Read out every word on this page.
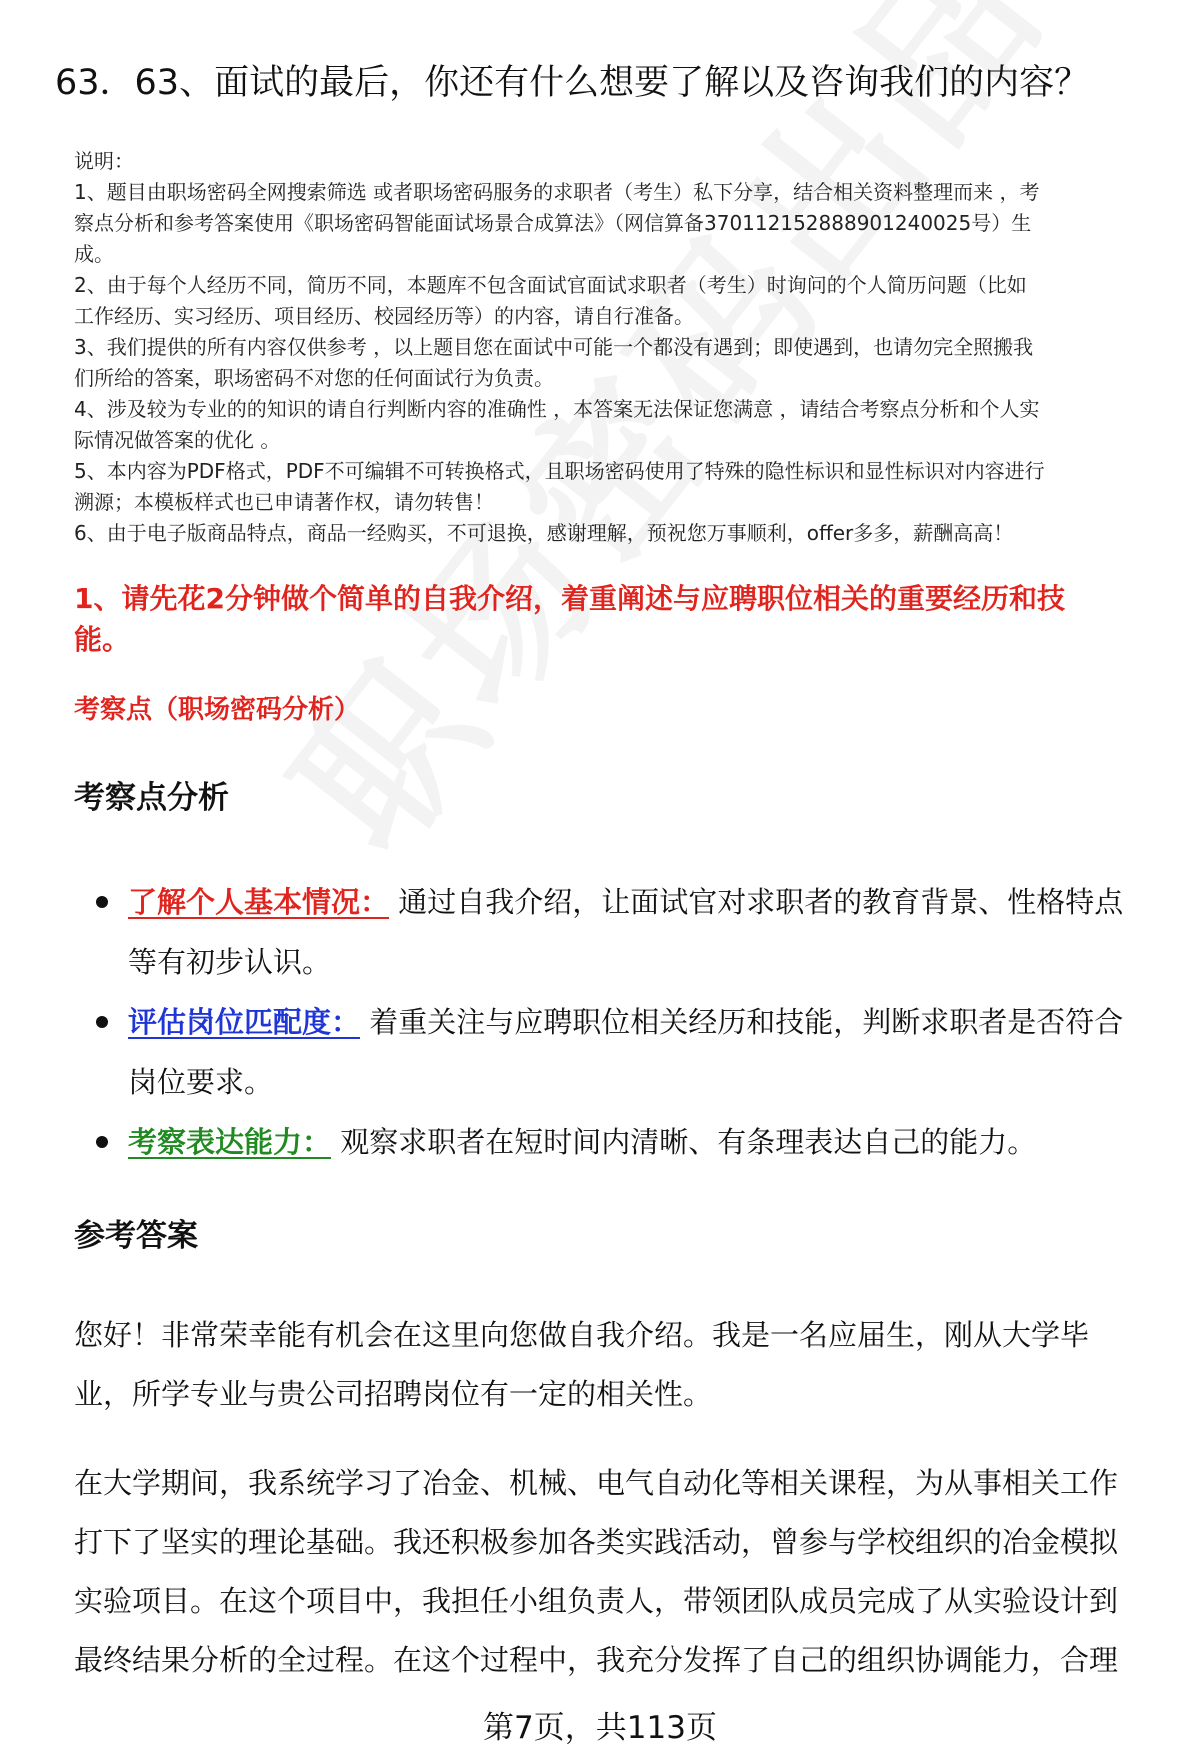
63．63、面试的最后，你还有什么想要了解以及咨询我们的内容？
说明：
1、题目由职场密码全网搜索筛选 或者职场密码服务的求职者（考生）私下分享，结合相关资料整理而来 ，考
察点分析和参考答案使用《职场密码智能面试场景合成算法》（网信算备370112152888901240025号）生
成。
2、由于每个人经历不同，简历不同，本题库不包含面试官面试求职者（考生）时询问的个人简历问题（比如
工作经历、实习经历、项目经历、校园经历等）的内容，请自行准备。
3、我们提供的所有内容仅供参考 ，以上题目您在面试中可能一个都没有遇到；即使遇到，也请勿完全照搬我
们所给的答案，职场密码不对您的任何面试行为负责。
4、涉及较为专业的的知识的请自行判断内容的准确性 ，本答案无法保证您满意 ，请结合考察点分析和个人实
际情况做答案的优化 。
5、本内容为PDF格式，PDF不可编辑不可转换格式，且职场密码使用了特殊的隐性标识和显性标识对内容进行
溯源；本模板样式也已申请著作权，请勿转售！
6、由于电子版商品特点，商品一经购买，不可退换，感谢理解，预祝您万事顺利，offer多多，薪酬高高！
1、请先花2分钟做个简单的自我介绍，着重阐述与应聘职位相关的重要经历和技
能。
考察点（职场密码分析）
考察点分析
了解个人基本情况： 通过自我介绍，让面试官对求职者的教育背景、性格特点
等有初步认识。
评估岗位匹配度： 着重关注与应聘职位相关经历和技能，判断求职者是否符合
岗位要求。
考察表达能力： 观察求职者在短时间内清晰、有条理表达自己的能力。
参考答案
您好！非常荣幸能有机会在这里向您做自我介绍。我是一名应届生，刚从大学毕
业，所学专业与贵公司招聘岗位有一定的相关性。
在大学期间，我系统学习了冶金、机械、电气自动化等相关课程，为从事相关工作
打下了坚实的理论基础。我还积极参加各类实践活动，曾参与学校组织的冶金模拟
实验项目。在这个项目中，我担任小组负责人，带领团队成员完成了从实验设计到
最终结果分析的全过程。在这个过程中，我充分发挥了自己的组织协调能力，合理
第7页，共113页
